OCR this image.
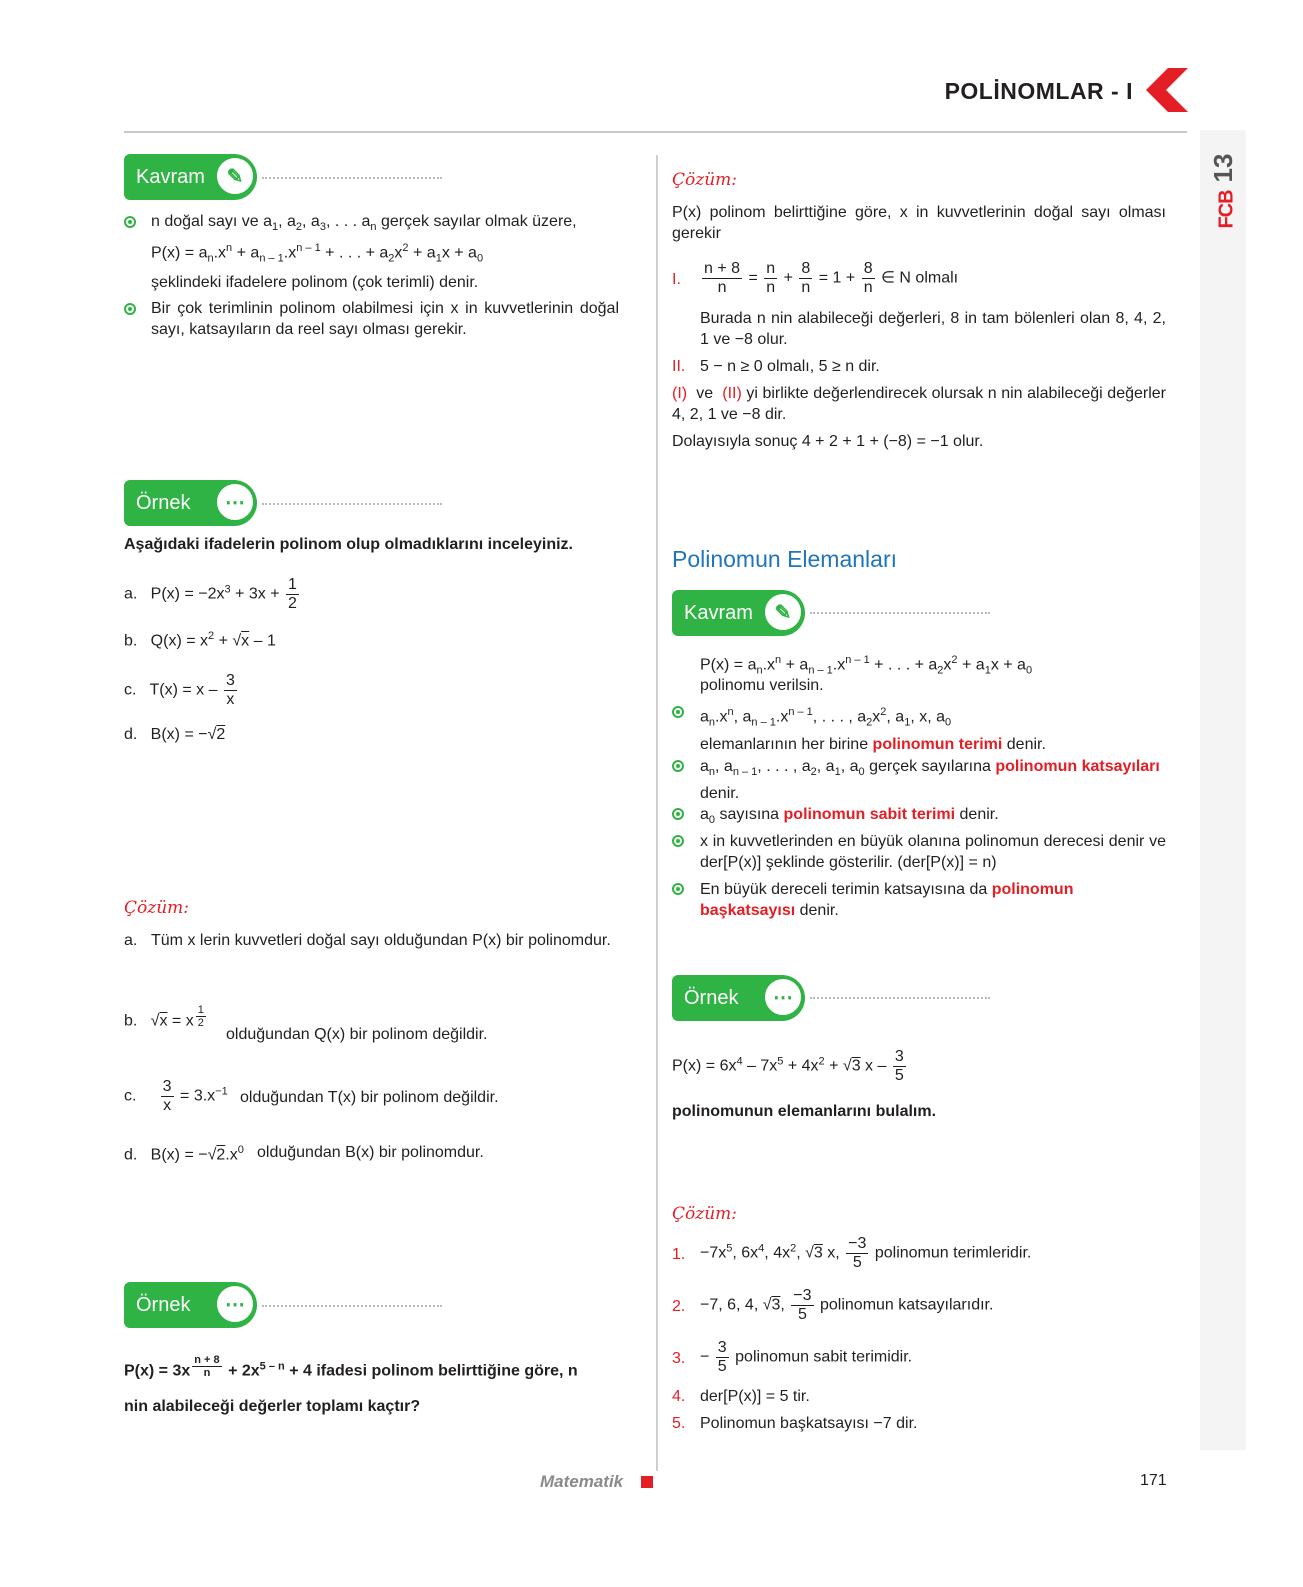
POLİNOMLAR - I
13
FCB
Kavram	✎
n doğal sayı ve $a_1$, $a_2$, $a_3$, . . . $a_n$ gerçek sayılar olmak üzere,
$P(x) = a_n.x^n + a_{n - 1}.x^{n - 1}$ + . . . + $a_2x^2 + a_1x + a_0$
şeklindeki ifadelere polinom (çok terimli) denir.
Bir çok terimlinin polinom olabilmesi için x in kuvvetlerinin doğal sayı, katsayıların da reel sayı olması gerekir.
Örnek	⋯
Aşağıdaki ifadelerin polinom olup olmadıklarını inceleyiniz.
a.   $P(x) = -2x^3 + 3x + \frac{1}{2}$
b.   $Q(x) = x^2 + √x - 1$
c.   $T(x) = x - \frac{3}{x}$
d.   B(x) = −√2
Çözüm:
a. Tüm x lerin kuvvetleri doğal sayı olduğundan P(x) bir polinomdur.
b.   √x = x $^{\frac{1}{2}}$
olduğundan Q(x) bir polinom değildir.
c. $\frac{3}{x} = 3.x^{-1}$ olduğundan T(x) bir polinom değildir.
d.   $B(x) = -√2.x^0$ olduğundan B(x) bir polinomdur.
Örnek	⋯
P(x) = 3x $^{\frac{n + 8}{n}} + 2x^{5 - n} + 4$ ifadesi polinom belirttiğine göre, n
nin alabileceği değerler toplamı kaçtır?
Çözüm:
P(x) polinom belirttiğine göre, x in kuvvetlerinin doğal sayı olması gerekir
I. $\frac{n + 8}{n} = \frac{n}{n} + \frac{8}{n} = 1 + \frac{8}{n}$ ∈ N olmalı
Burada n nin alabileceği değerleri, 8 in tam bölenleri olan 8, 4, 2, 1 ve −8 olur.
II. 5 − n ≥ 0 olmalı, 5 ≥ n dir.
(I)  ve  (II) yi birlikte değerlendirecek olursak n nin alabileceği değerler 4, 2, 1 ve −8 dir.
Dolayısıyla sonuç 4 + 2 + 1 + (−8) = −1 olur.
Polinomun Elemanları
Kavram	✎
$P(x) = a_n.x^n + a_{n - 1}.x^{n - 1}$ + . . . + $a_2x^2 + a_1x + a_0$
polinomu verilsin.
$a_n.x^n$, $a_{n - 1}.x^{n - 1}$, . . . , $a_2x^2$, $a_1$, x, $a_0$
elemanlarının her birine polinomun terimi denir.
$a_n$, $a_{n - 1}$, . . . , $a_2$, $a_1$, $a_0$ gerçek sayılarına polinomun katsayıları denir.
$a_0$ sayısına polinomun sabit terimi denir.
x in kuvvetlerinden en büyük olanına polinomun derecesi denir ve der[P(x)] şeklinde gösterilir. (der[P(x)] = n)
En büyük dereceli terimin katsayısına da polinomun başkatsayısı denir.
Örnek	⋯
$P(x) = 6x^4 - 7x^5 + 4x^2 + √3$ x – $\frac{3}{5}$
polinomunun elemanlarını bulalım.
Çözüm:
1. $-7x^5$, $6x^4$, $4x^2$, √3 x, $\frac{-3}{5}$ polinomun terimleridir.
2. −7, 6, 4, √3, $\frac{-3}{5}$ polinomun katsayılarıdır.
3. − $\frac{3}{5}$ polinomun sabit terimidir.
4. der[P(x)] = 5 tir.
5. Polinomun başkatsayısı −7 dir.
Matematik	171
